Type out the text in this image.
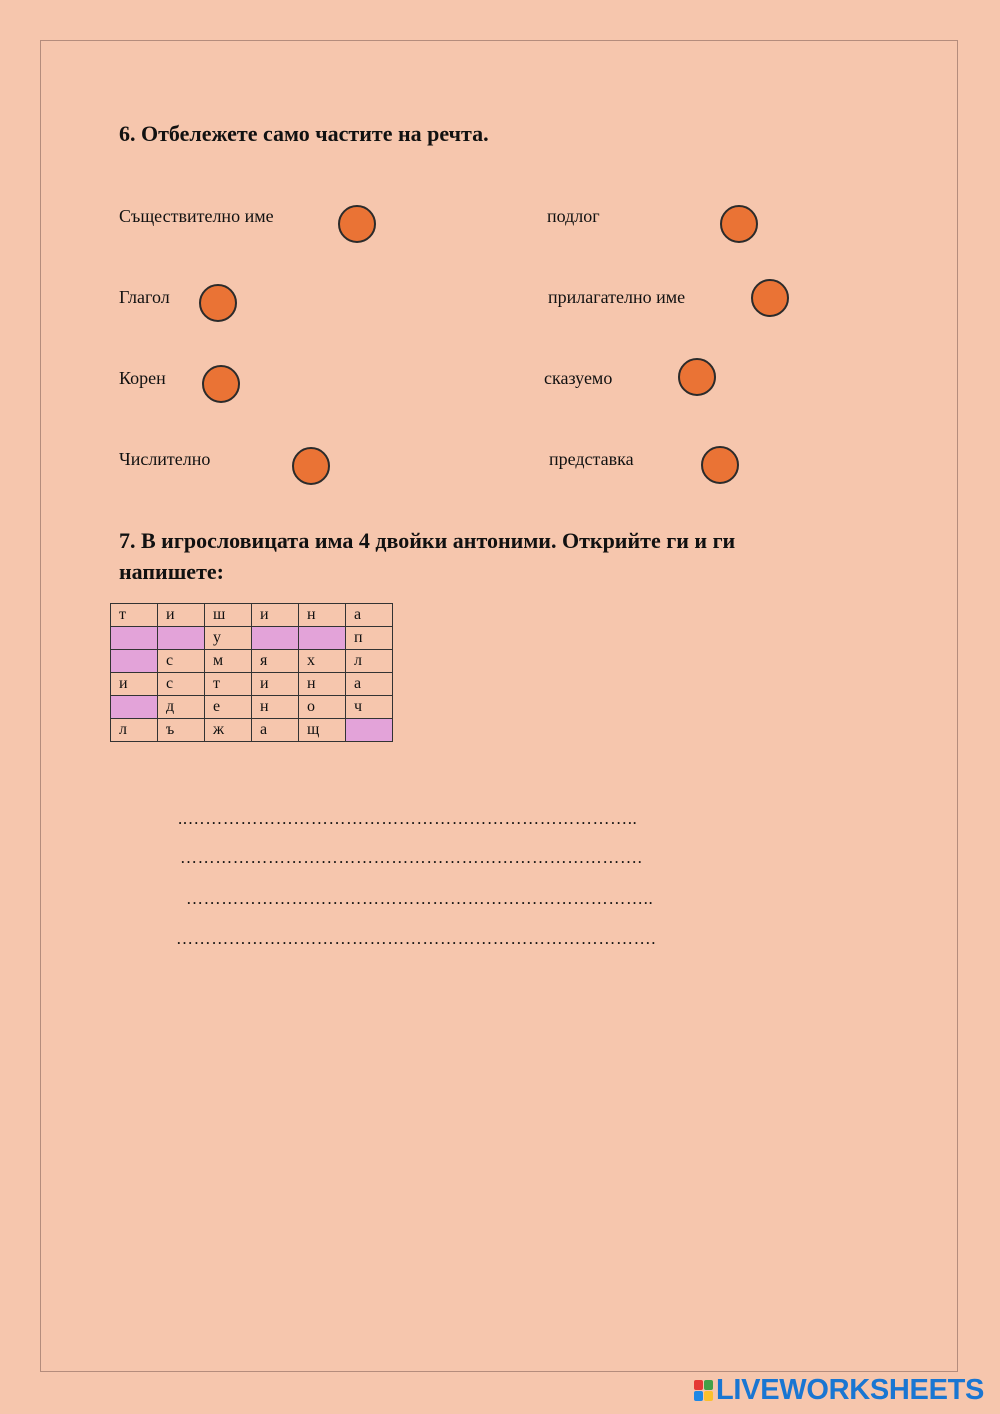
6. Отбележете само частите на речта.
Съществително име	подлог
Глагол	прилагателно име
Корен	сказуемо
Числително	представка
7. В игрословицата има 4 двойки антоними. Открийте ги и ги
напишете:
т	и	ш	и	н	а
		у			п
	с	м	я	х	л
и	с	т	и	н	а
	д	е	н	о	ч
л	ъ	ж	а	щ	
..…………………………………………………………………..
…………………………………………………………………….
……………………………………………………………………..
……………………………………………………………………….
LIVEWORKSHEETS
